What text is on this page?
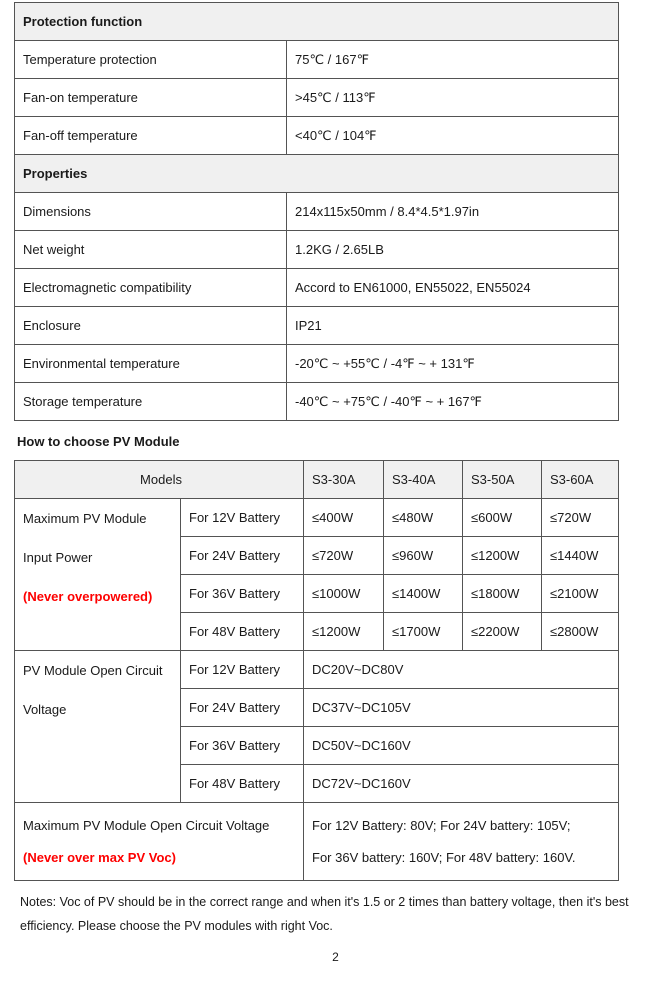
Protection function	
Temperature protection	75℃ / 167℉
Fan-on temperature	>45℃ / 113℉
Fan-off temperature	<40℃ / 104℉
Properties	
Dimensions	214x115x50mm / 8.4*4.5*1.97in
Net weight	1.2KG / 2.65LB
Electromagnetic compatibility	Accord to EN61000, EN55022, EN55024
Enclosure	IP21
Environmental temperature	-20℃ ~ +55℃ / -4℉ ~ + 131℉
Storage temperature	-40℃ ~ +75℃ / -40℉ ~ + 167℉
How to choose PV Module
Models		S3-30A	S3-40A	S3-50A	S3-60A

Maximum PV Module
Input Power
(Never overpowered)	For 12V Battery	≤400W	≤480W	≤600W	≤720W
	For 24V Battery	≤720W	≤960W	≤1200W	≤1440W
	For 36V Battery	≤1000W	≤1400W	≤1800W	≤2100W
	For 48V Battery	≤1200W	≤1700W	≤2200W	≤2800W

PV Module Open Circuit
Voltage	For 12V Battery	DC20V~DC80V			
	For 24V Battery	DC37V~DC105V			
	For 36V Battery	DC50V~DC160V			
	For 48V Battery	DC72V~DC160V			

Maximum PV Module Open Circuit Voltage
(Never over max PV Voc)

For 12V Battery: 80V; For 24V battery: 105V;
For 36V battery: 160V; For 48V battery: 160V.

Notes: Voc of PV should be in the correct range and when it's 1.5 or 2 times than battery voltage, then it's best efficiency. Please choose the PV modules with right Voc.

2
